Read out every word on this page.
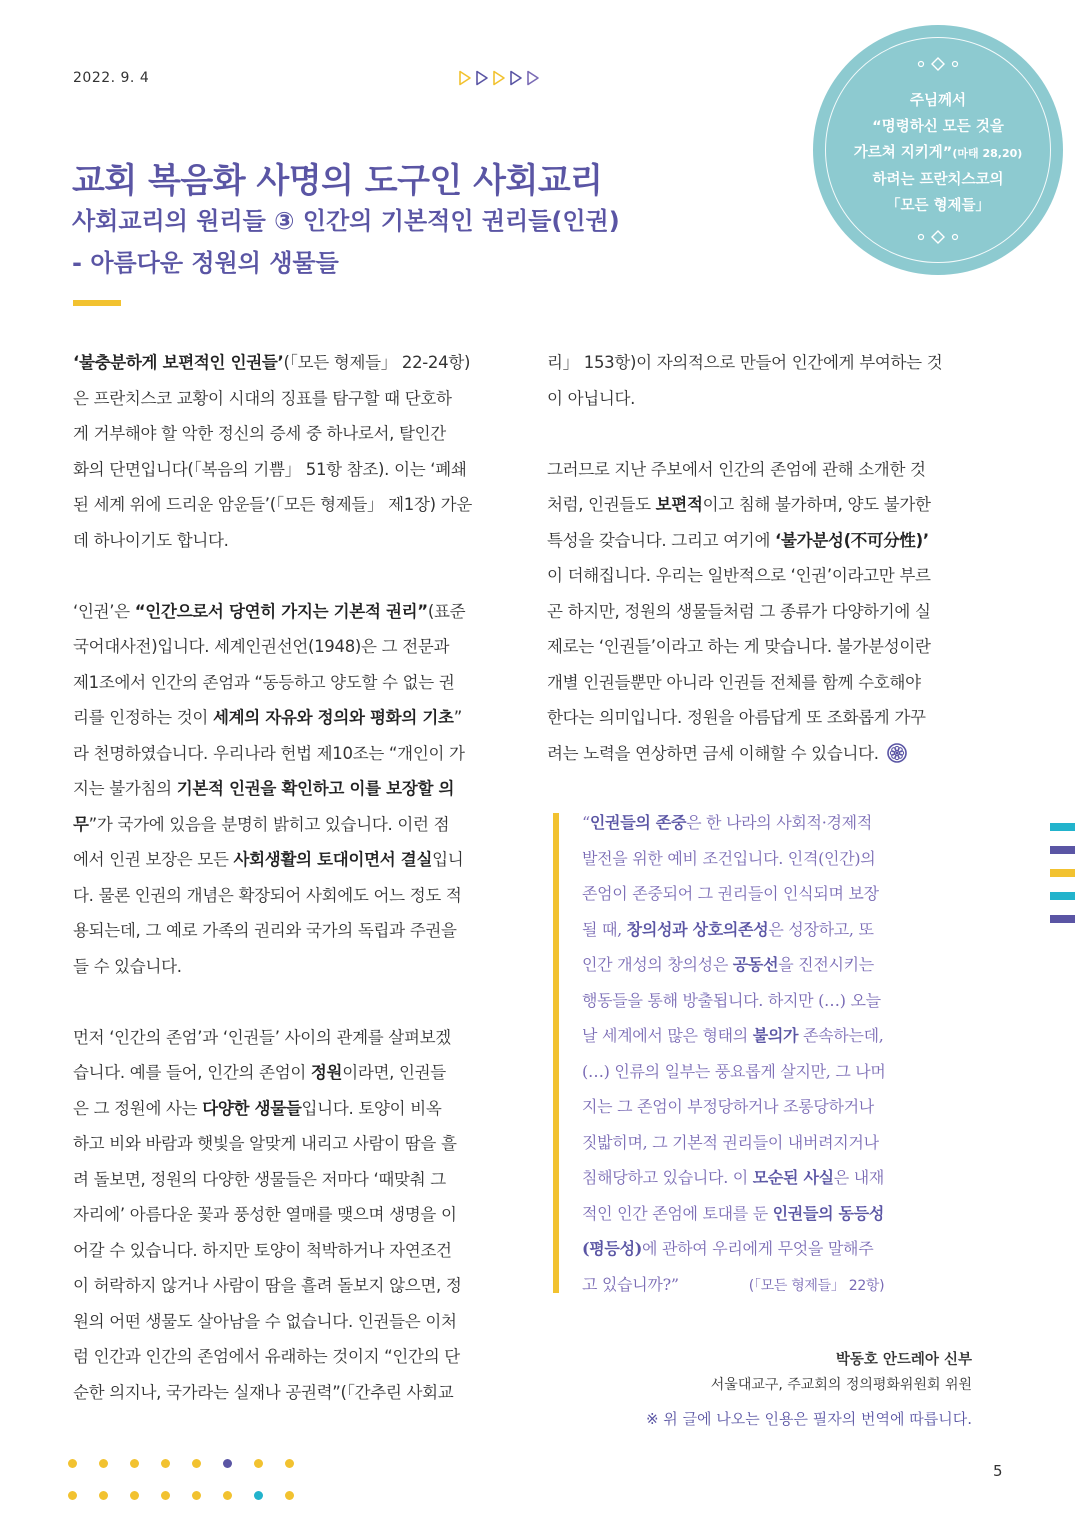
2022. 9. 4
주님께서
“명령하신 모든 것을
가르쳐 지키게”(마태 28,20)
하려는 프란치스코의
「모든 형제들」
교회 복음화 사명의 도구인 사회교리
사회교리의 원리들 ③ 인간의 기본적인 권리들(인권)
- 아름다운 정원의 생물들

‘불충분하게 보편적인 인권들’(「모든 형제들」 22-24항)

은 프란치스코 교황이 시대의 징표를 탐구할 때 단호하

게 거부해야 할 악한 정신의 증세 중 하나로서, 탈인간

화의 단면입니다(「복음의 기쁨」 51항 참조). 이는 ‘폐쇄

된 세계 위에 드리운 암운들’(「모든 형제들」 제1장) 가운

데 하나이기도 합니다.

‘인권’은 “인간으로서 당연히 가지는 기본적 권리”(표준

국어대사전)입니다. 세계인권선언(1948)은 그 전문과

제1조에서 인간의 존엄과 “동등하고 양도할 수 없는 권

리를 인정하는 것이 세계의 자유와 정의와 평화의 기초”

라 천명하였습니다. 우리나라 헌법 제10조는 “개인이 가

지는 불가침의 기본적 인권을 확인하고 이를 보장할 의

무”가 국가에 있음을 분명히 밝히고 있습니다. 이런 점

에서 인권 보장은 모든 사회생활의 토대이면서 결실입니

다. 물론 인권의 개념은 확장되어 사회에도 어느 정도 적

용되는데, 그 예로 가족의 권리와 국가의 독립과 주권을

들 수 있습니다.

먼저 ‘인간의 존엄’과 ‘인권들’ 사이의 관계를 살펴보겠

습니다. 예를 들어, 인간의 존엄이 정원이라면, 인권들

은 그 정원에 사는 다양한 생물들입니다. 토양이 비옥

하고 비와 바람과 햇빛을 알맞게 내리고 사람이 땀을 흘

려 돌보면, 정원의 다양한 생물들은 저마다 ‘때맞춰 그

자리에’ 아름다운 꽃과 풍성한 열매를 맺으며 생명을 이

어갈 수 있습니다. 하지만 토양이 척박하거나 자연조건

이 허락하지 않거나 사람이 땀을 흘려 돌보지 않으면, 정

원의 어떤 생물도 살아남을 수 없습니다. 인권들은 이처

럼 인간과 인간의 존엄에서 유래하는 것이지 “인간의 단

순한 의지나, 국가라는 실재나 공권력”(「간추린 사회교

리」 153항)이 자의적으로 만들어 인간에게 부여하는 것

이 아닙니다.

그러므로 지난 주보에서 인간의 존엄에 관해 소개한 것

처럼, 인권들도 보편적이고 침해 불가하며, 양도 불가한

특성을 갖습니다. 그리고 여기에 ‘불가분성(不可分性)’

이 더해집니다. 우리는 일반적으로 ‘인권’이라고만 부르

곤 하지만, 정원의 생물들처럼 그 종류가 다양하기에 실

제로는 ‘인권들’이라고 하는 게 맞습니다. 불가분성이란

개별 인권들뿐만 아니라 인권들 전체를 함께 수호해야

한다는 의미입니다. 정원을 아름답게 또 조화롭게 가꾸

려는 노력을 연상하면 금세 이해할 수 있습니다.

“인권들의 존중은 한 나라의 사회적·경제적

발전을 위한 예비 조건입니다. 인격(인간)의

존엄이 존중되어 그 권리들이 인식되며 보장

될 때, 창의성과 상호의존성은 성장하고, 또

인간 개성의 창의성은 공동선을 진전시키는

행동들을 통해 방출됩니다. 하지만 (…) 오늘

날 세계에서 많은 형태의 불의가 존속하는데,

(…) 인류의 일부는 풍요롭게 살지만, 그 나머

지는 그 존엄이 부정당하거나 조롱당하거나

짓밟히며, 그 기본적 권리들이 내버려지거나

침해당하고 있습니다. 이 모순된 사실은 내재

적인 인간 존엄에 토대를 둔 인권들의 동등성

(평등성)에 관하여 우리에게 무엇을 말해주

고 있습니까?”	(「모든 형제들」 22항)

박동호 안드레아 신부
서울대교구, 주교회의 정의평화위원회 위원
※ 위 글에 나오는 인용은 필자의 번역에 따릅니다.
5
